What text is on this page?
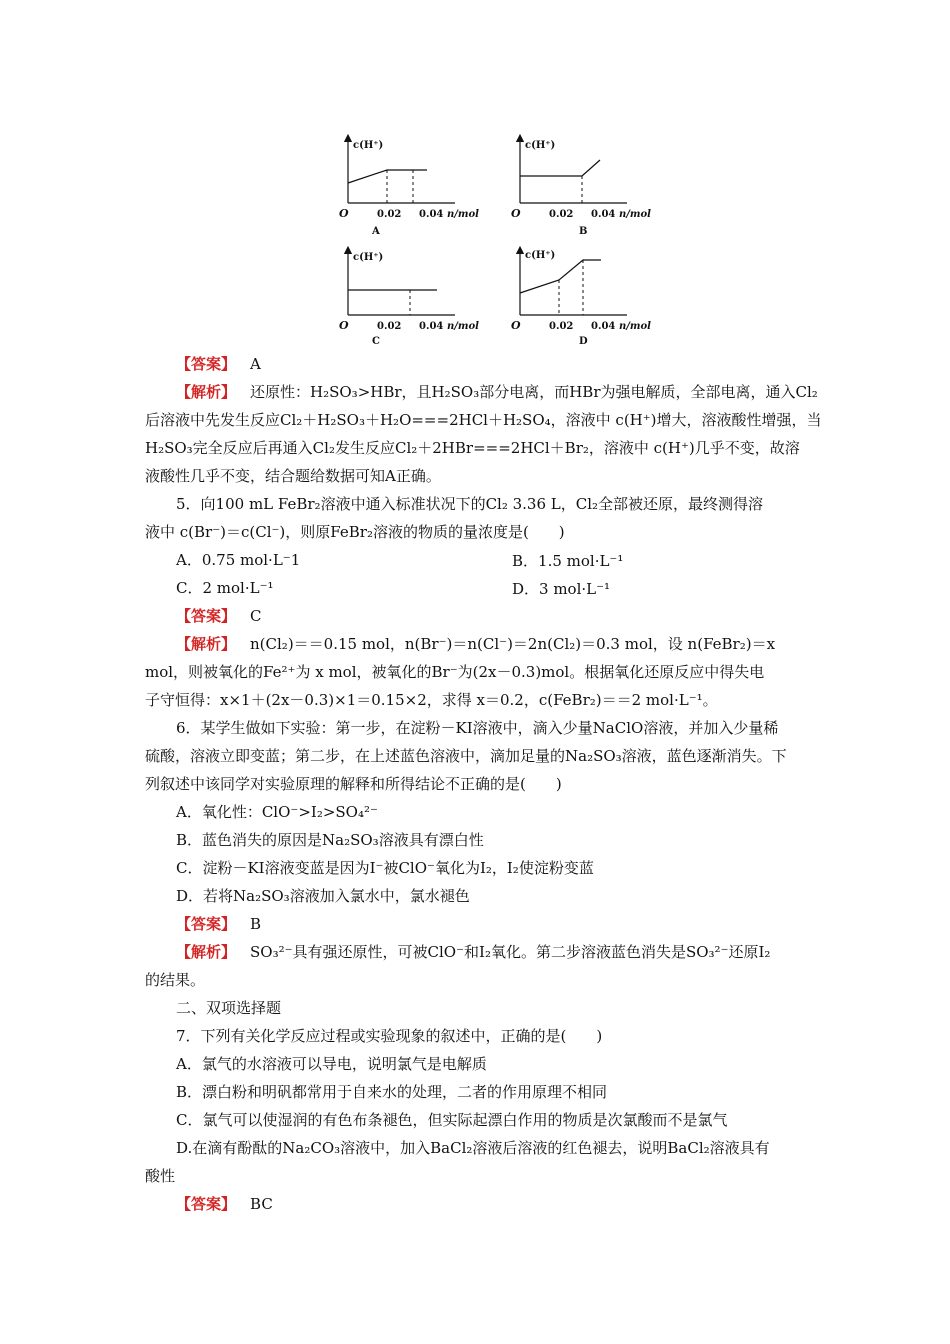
c(H⁺)
O	0.02 0.04 n/mol
A
c(H⁺)
O	0.02 0.04 n/mol
B
c(H⁺)
O	0.02 0.04 n/mol
C
c(H⁺)
O	0.02 0.04 n/mol
D
【答案】 A
【解析】 还原性：H₂SO₃>HBr，且H₂SO₃部分电离，而HBr为强电解质，全部电离，通入Cl₂
后溶液中先发生反应Cl₂＋H₂SO₃＋H₂O===2HCl＋H₂SO₄，溶液中 c(H⁺)增大，溶液酸性增强，当
H₂SO₃完全反应后再通入Cl₂发生反应Cl₂＋2HBr===2HCl＋Br₂，溶液中 c(H⁺)几乎不变，故溶
液酸性几乎不变，结合题给数据可知A正确。
5．向100 mL FeBr₂溶液中通入标准状况下的Cl₂ 3.36 L，Cl₂全部被还原，最终测得溶
液中 c(Br⁻)＝c(Cl⁻)，则原FeBr₂溶液的物质的量浓度是(　　)
A．0.75 mol·L⁻1	B．1.5 mol·L⁻¹
C．2 mol·L⁻¹	D．3 mol·L⁻¹
【答案】 C
【解析】 n(Cl₂)＝＝0.15 mol，n(Br⁻)＝n(Cl⁻)＝2n(Cl₂)＝0.3 mol，设 n(FeBr₂)＝x
mol，则被氧化的Fe²⁺为 x mol，被氧化的Br⁻为(2x－0.3)mol。根据氧化还原反应中得失电
子守恒得：x×1＋(2x－0.3)×1＝0.15×2，求得 x＝0.2，c(FeBr₂)＝＝2 mol·L⁻¹。
6．某学生做如下实验：第一步，在淀粉－KI溶液中，滴入少量NaClO溶液，并加入少量稀
硫酸，溶液立即变蓝；第二步，在上述蓝色溶液中，滴加足量的Na₂SO₃溶液，蓝色逐渐消失。下
列叙述中该同学对实验原理的解释和所得结论不正确的是(　　)
A．氧化性：ClO⁻>I₂>SO₄²⁻
B．蓝色消失的原因是Na₂SO₃溶液具有漂白性
C．淀粉－KI溶液变蓝是因为I⁻被ClO⁻氧化为I₂，I₂使淀粉变蓝
D．若将Na₂SO₃溶液加入氯水中，氯水褪色
【答案】 B
【解析】 SO₃²⁻具有强还原性，可被ClO⁻和I₂氧化。第二步溶液蓝色消失是SO₃²⁻还原I₂
的结果。
二、双项选择题
7．下列有关化学反应过程或实验现象的叙述中，正确的是(　　)
A．氯气的水溶液可以导电，说明氯气是电解质
B．漂白粉和明矾都常用于自来水的处理，二者的作用原理不相同
C．氯气可以使湿润的有色布条褪色，但实际起漂白作用的物质是次氯酸而不是氯气
D.在滴有酚酞的Na₂CO₃溶液中，加入BaCl₂溶液后溶液的红色褪去，说明BaCl₂溶液具有
酸性
【答案】 BC
